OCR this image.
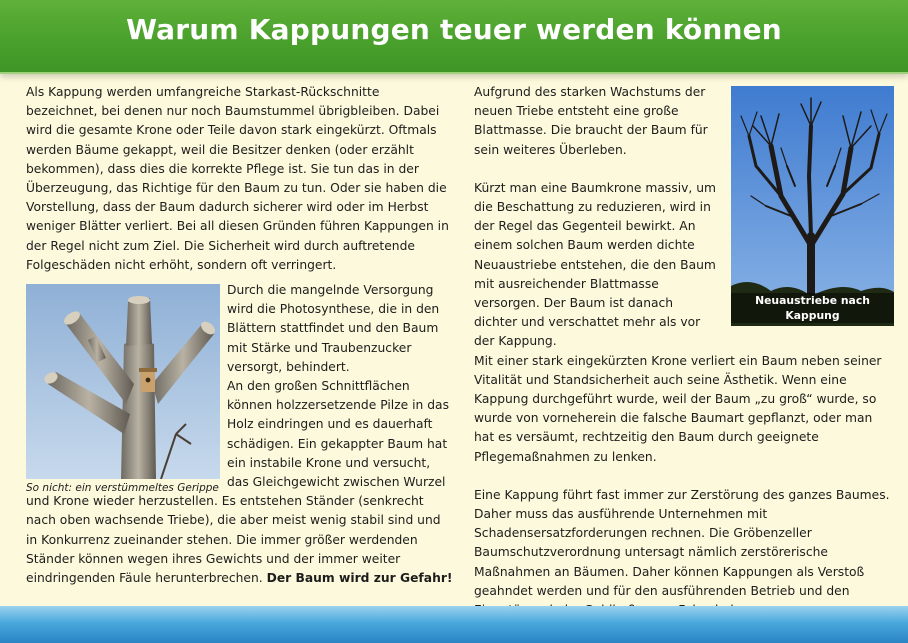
Warum Kappungen teuer werden können

Als Kappung werden umfangreiche Starkast-Rückschnitte bezeichnet, bei denen nur noch Baumstummel übrigbleiben. Dabei wird die gesamte Krone oder Teile davon stark eingekürzt. Oftmals werden Bäume gekappt, weil die Besitzer denken (oder erzählt bekommen), dass dies die korrekte Pflege ist. Sie tun das in der Überzeugung, das Richtige für den Baum zu tun. Oder sie haben die Vorstellung, dass der Baum dadurch sicherer wird oder im Herbst weniger Blätter verliert. Bei all diesen Gründen führen Kappungen in der Regel nicht zum Ziel. Die Sicherheit wird durch auftretende Folgeschäden nicht erhöht, sondern oft verringert.

So nicht: ein verstümmeltes Gerippe

Durch die mangelnde Versorgung wird die Photosynthese, die in den Blättern stattfindet und den Baum mit Stärke und Traubenzucker versorgt, behindert.

An den großen Schnittflächen können holzzersetzende Pilze in das Holz eindringen und es dauerhaft schädigen. Ein gekappter Baum hat ein instabile Krone und versucht, das Gleichgewicht zwischen Wurzel und Krone wieder herzustellen. Es entstehen Ständer (senkrecht nach oben wachsende Triebe), die aber meist wenig stabil sind und in Konkurrenz zueinander stehen. Die immer größer werdenden Ständer können wegen ihres Gewichts und der immer weiter eindringenden Fäule herunterbrechen. Der Baum wird zur Gefahr!

Neuaustriebe nach Kappung

Aufgrund des starken Wachstums der neuen Triebe entsteht eine große Blattmasse. Die braucht der Baum für sein weiteres Überleben.

Kürzt man eine Baumkrone massiv, um die Beschattung zu reduzieren, wird in der Regel das Gegenteil bewirkt. An einem solchen Baum werden dichte Neuaustriebe entstehen, die den Baum mit ausreichender Blattmasse versorgen. Der Baum ist danach dichter und verschattet mehr als vor der Kappung.

Mit einer stark eingekürzten Krone verliert ein Baum neben seiner Vitalität und Standsicherheit auch seine Ästhetik. Wenn eine Kappung durchgeführt wurde, weil der Baum „zu groß“ wurde, so wurde von vorneherein die falsche Baumart gepflanzt, oder man hat es versäumt, rechtzeitig den Baum durch geeignete Pflegemaßnahmen zu lenken.

Eine Kappung führt fast immer zur Zerstörung des ganzes Baumes. Daher muss das ausführende Unternehmen mit Schadensersatzforderungen rechnen. Die Gröbenzeller Baumschutzverordnung untersagt nämlich zerstörerische Maßnahmen an Bäumen. Daher können Kappungen als Verstoß geahndet werden und für den ausführenden Betrieb und den
